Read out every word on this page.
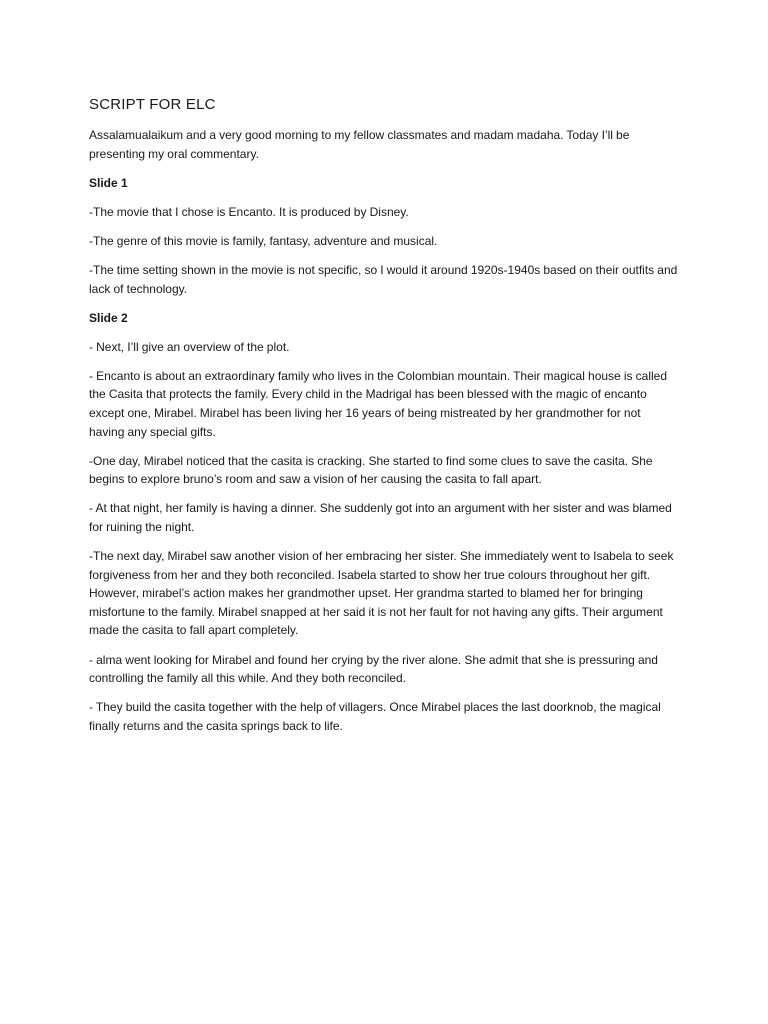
SCRIPT FOR ELC

Assalamualaikum and a very good morning to my fellow classmates and madam madaha. Today I’ll be presenting my oral commentary.

Slide 1

-The movie that I chose is Encanto. It is produced by Disney.

-The genre of this movie is family, fantasy, adventure and musical.

-The time setting shown in the movie is not specific, so I would it around 1920s-1940s based on their outfits and lack of technology.

Slide 2

- Next, I’ll give an overview of the plot.

- Encanto is about an extraordinary family who lives in the Colombian mountain. Their magical house is called the Casita that protects the family. Every child in the Madrigal has been blessed with the magic of encanto except one, Mirabel. Mirabel has been living her 16 years of being mistreated by her grandmother for not having any special gifts.

-One day, Mirabel noticed that the casita is cracking. She started to find some clues to save the casita. She begins to explore bruno’s room and saw a vision of her causing the casita to fall apart.

- At that night, her family is having a dinner. She suddenly got into an argument with her sister and was blamed for ruining the night.

-The next day, Mirabel saw another vision of her embracing her sister. She immediately went to Isabela to seek forgiveness from her and they both reconciled. Isabela started to show her true colours throughout her gift. However, mirabel’s action makes her grandmother upset. Her grandma started to blamed her for bringing misfortune to the family. Mirabel snapped at her said it is not her fault for not having any gifts. Their argument made the casita to fall apart completely.

- alma went looking for Mirabel and found her crying by the river alone. She admit that she is pressuring and controlling the family all this while. And they both reconciled.

- They build the casita together with the help of villagers. Once Mirabel places the last doorknob, the magical finally returns and the casita springs back to life.
